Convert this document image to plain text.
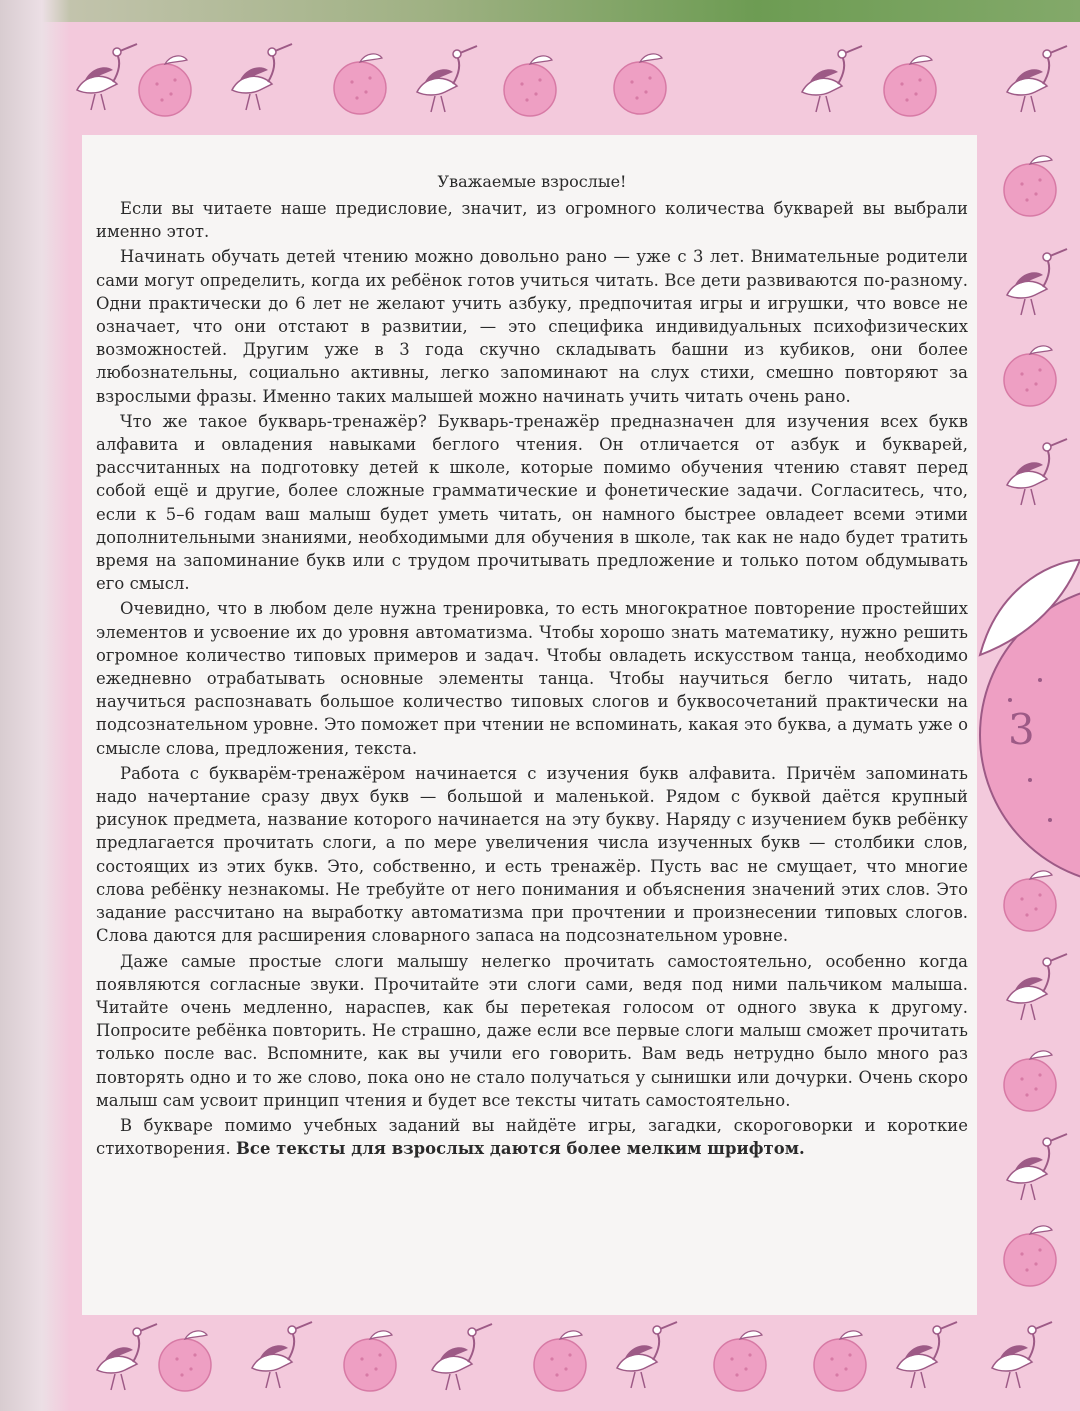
3
Уважаемые взрослые!

Если вы читаете наше предисловие, значит, из огромного количества букварей вы выбрали именно этот.

Начинать обучать детей чтению можно довольно рано — уже с 3 лет. Внимательные родители сами могут определить, когда их ребёнок готов учиться читать. Все дети развиваются по-разному. Одни практически до 6 лет не желают учить азбуку, предпочитая игры и игрушки, что вовсе не означает, что они отстают в развитии, — это специфика индивидуальных психофизических возможностей. Другим уже в 3 года скучно складывать башни из кубиков, они более любознательны, социально активны, легко запоминают на слух стихи, смешно повторяют за взрослыми фразы. Именно таких малышей можно начинать учить читать очень рано.

Что же такое букварь-тренажёр? Букварь-тренажёр предназначен для изучения всех букв алфавита и овладения навыками беглого чтения. Он отличается от азбук и букварей, рассчитанных на подготовку детей к школе, которые помимо обучения чтению ставят перед собой ещё и другие, более сложные грамматические и фонетические задачи. Согласитесь, что, если к 5–6 годам ваш малыш будет уметь читать, он намного быстрее овладеет всеми этими дополнительными знаниями, необходимыми для обучения в школе, так как не надо будет тратить время на запоминание букв или с трудом прочитывать предложение и только потом обдумывать его смысл.

Очевидно, что в любом деле нужна тренировка, то есть многократное повторение простейших элементов и усвоение их до уровня автоматизма. Чтобы хорошо знать математику, нужно решить огромное количество типовых примеров и задач. Чтобы овладеть искусством танца, необходимо ежедневно отрабатывать основные элементы танца. Чтобы научиться бегло читать, надо научиться распознавать большое количество типовых слогов и буквосочетаний практически на подсознательном уровне. Это поможет при чтении не вспоминать, какая это буква, а думать уже о смысле слова, предложения, текста.

Работа с букварём-тренажёром начинается с изучения букв алфавита. Причём запоминать надо начертание сразу двух букв — большой и маленькой. Рядом с буквой даётся крупный рисунок предмета, название которого начинается на эту букву. Наряду с изучением букв ребёнку предлагается прочитать слоги, а по мере увеличения числа изученных букв — столбики слов, состоящих из этих букв. Это, собственно, и есть тренажёр. Пусть вас не смущает, что многие слова ребёнку незнакомы. Не требуйте от него понимания и объяснения значений этих слов. Это задание рассчитано на выработку автоматизма при прочтении и произнесении типовых слогов. Слова даются для расширения словарного запаса на подсознательном уровне.

Даже самые простые слоги малышу нелегко прочитать самостоятельно, особенно когда появляются согласные звуки. Прочитайте эти слоги сами, ведя под ними пальчиком малыша. Читайте очень медленно, нараспев, как бы перетекая голосом от одного звука к другому. Попросите ребёнка повторить. Не страшно, даже если все первые слоги малыш сможет прочитать только после вас. Вспомните, как вы учили его говорить. Вам ведь нетрудно было много раз повторять одно и то же слово, пока оно не стало получаться у сынишки или дочурки. Очень скоро малыш сам усвоит принцип чтения и будет все тексты читать самостоятельно.

В букваре помимо учебных заданий вы найдёте игры, загадки, скороговорки и короткие стихотворения. Все тексты для взрослых даются более мелким шрифтом.
